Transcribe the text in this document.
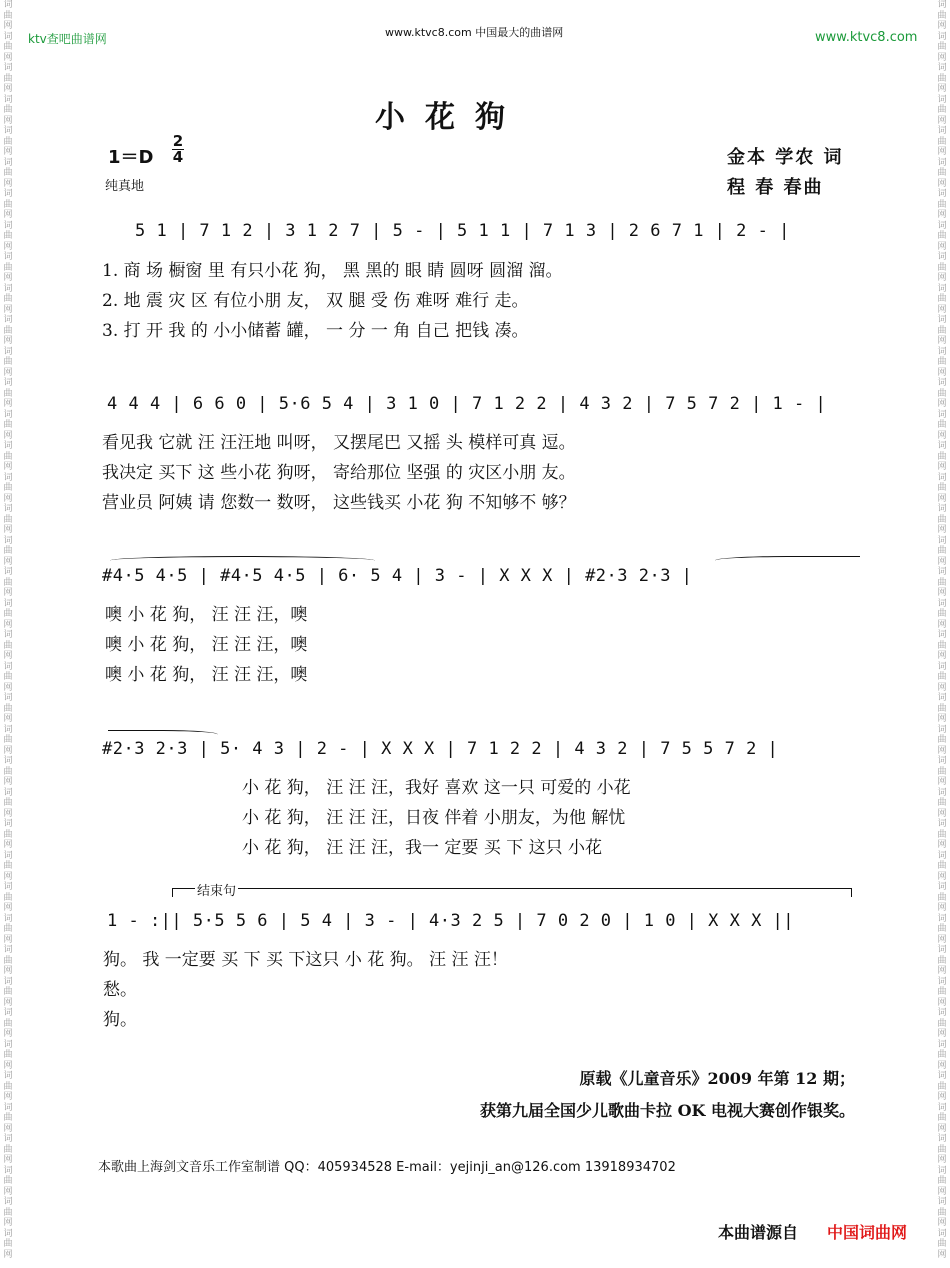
词曲网词曲网词曲网词曲网词曲网词曲网词曲网词曲网词曲网词曲网词曲网词曲网词曲网词曲网词曲网词曲网词曲网词曲网词曲网词曲网词曲网词曲网词曲网词曲网词曲网词曲网词曲网词曲网词曲网词曲网词曲网词曲网词曲网词曲网词曲网词曲网词曲网词曲网词曲网词曲网
词曲网词曲网词曲网词曲网词曲网词曲网词曲网词曲网词曲网词曲网词曲网词曲网词曲网词曲网词曲网词曲网词曲网词曲网词曲网词曲网词曲网词曲网词曲网词曲网词曲网词曲网词曲网词曲网词曲网词曲网词曲网词曲网词曲网词曲网词曲网词曲网词曲网词曲网词曲网词曲网
ktv查吧曲谱网	www.ktvc8.com 中国最大的曲谱网	www.ktvc8.com
小花狗
1＝D
2
4
纯真地
金本 学农 词
程 春 春曲
5 1 | 7 1 2 | 3 1 2 7 | 5 - | 5 1 1 | 7 1 3 | 2 6 7 1 | 2 - |
1. 商 场 橱窗 里 有只小花 狗， 黑 黑的 眼 睛 圆呀 圆溜 溜。
2. 地 震 灾 区 有位小朋 友， 双 腿 受 伤 难呀 难行 走。
3. 打 开 我 的 小小储蓄 罐， 一 分 一 角 自己 把钱 凑。
4 4 4 | 6 6 0 | 5·6 5 4 | 3 1 0 | 7 1 2 2 | 4 3 2 | 7 5 7 2 | 1 - |
看见我 它就 汪 汪汪地 叫呀， 又摆尾巴 又摇 头 模样可真 逗。
我决定 买下 这 些小花 狗呀， 寄给那位 坚强 的 灾区小朋 友。
营业员 阿姨 请 您数一 数呀， 这些钱买 小花 狗 不知够不 够？
#4·5 4·5 | #4·5 4·5 | 6· 5 4 | 3 - | X X X | #2·3 2·3 |
噢 小 花 狗， 汪 汪 汪，噢
噢 小 花 狗， 汪 汪 汪，噢
噢 小 花 狗， 汪 汪 汪，噢
#2·3 2·3 | 5· 4 3 | 2 - | X X X | 7 1 2 2 | 4 3 2 | 7 5 5 7 2 |
小 花 狗， 汪 汪 汪，我好 喜欢 这一只 可爱的 小花
小 花 狗， 汪 汪 汪，日夜 伴着 小朋友，为他 解忧
小 花 狗， 汪 汪 汪，我一 定要 买 下 这只 小花
结束句
1 - :|| 5·5 5 6 | 5 4 | 3 - | 4·3 2 5 | 7 0 2 0 | 1 0 | X X X ||
狗。 我 一定要 买 下 买 下这只 小 花 狗。 汪 汪 汪！
愁。
狗。
原载《儿童音乐》2009 年第 12 期；
获第九届全国少儿歌曲卡拉 OK 电视大赛创作银奖。
本歌曲上海剑文音乐工作室制谱 QQ：405934528 E-mail：yejinji_an@126.com 13918934702
本曲谱源自 中国词曲网
